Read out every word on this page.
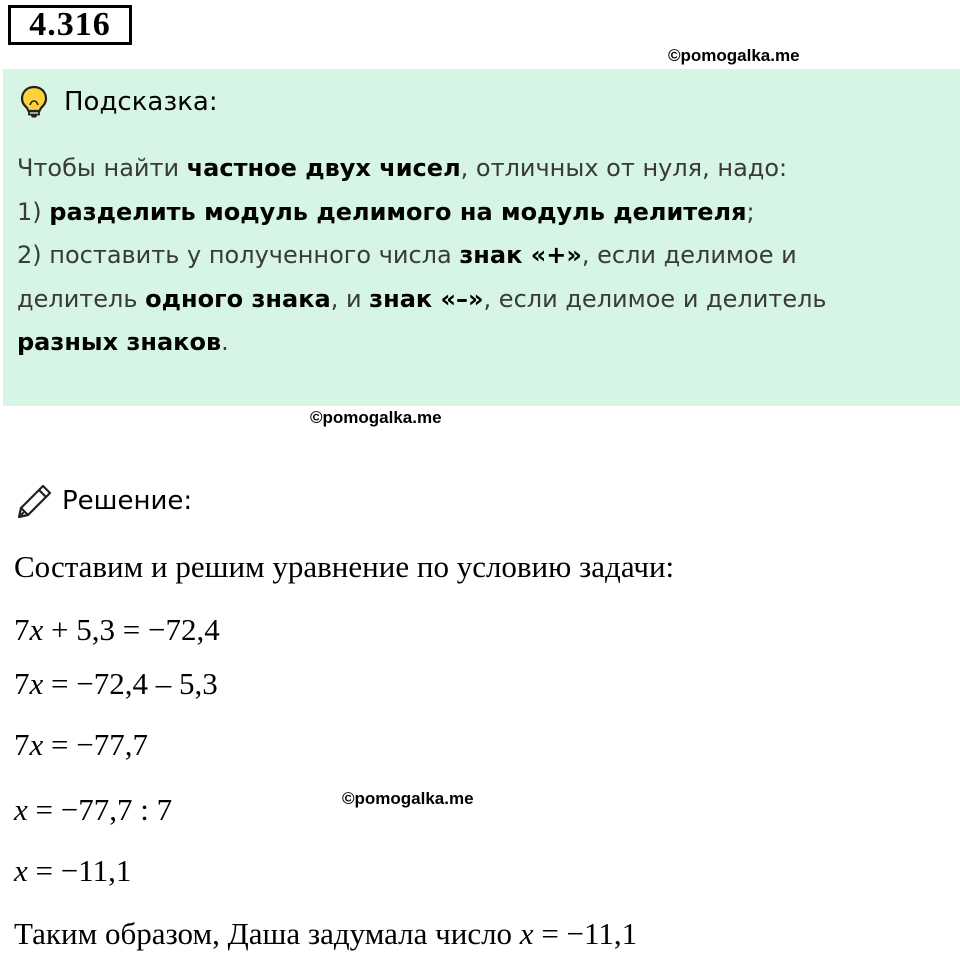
4.316
©pomogalka.me
Подсказка:
Чтобы найти частное двух чисел, отличных от нуля, надо:
1) разделить модуль делимого на модуль делителя;
2) поставить у полученного числа знак «+», если делимое и
делитель одного знака, и знак «–», если делимое и делитель
разных знаков.
©pomogalka.me
Решение:
Составим и решим уравнение по условию задачи:
7x + 5,3 = −72,4
7x = −72,4 – 5,3
7x = −77,7
©pomogalka.me
x = −77,7 : 7
x = −11,1
Таким образом, Даша задумала число x = −11,1
